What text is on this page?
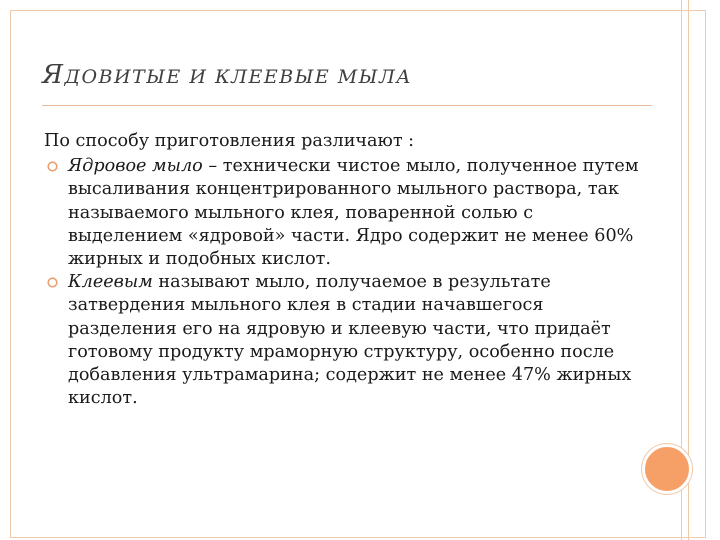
ЯДОВИТЫЕ И КЛЕЕВЫЕ МЫЛА

По способу приготовления различают :

Ядровое мыло – технически чистое мыло, полученное путем высаливания концентрированного мыльного раствора, так называемого мыльного клея, поваренной солью с выделением «ядровой» части. Ядро содержит не менее 60% жирных и подобных кислот.

Клеевым называют мыло, получаемое в результате затвердения мыльного клея в стадии начавшегося разделения его на ядровую и клеевую части, что придаёт готовому продукту мраморную структуру, особенно после добавления ультрамарина; содержит не менее 47% жирных кислот.
